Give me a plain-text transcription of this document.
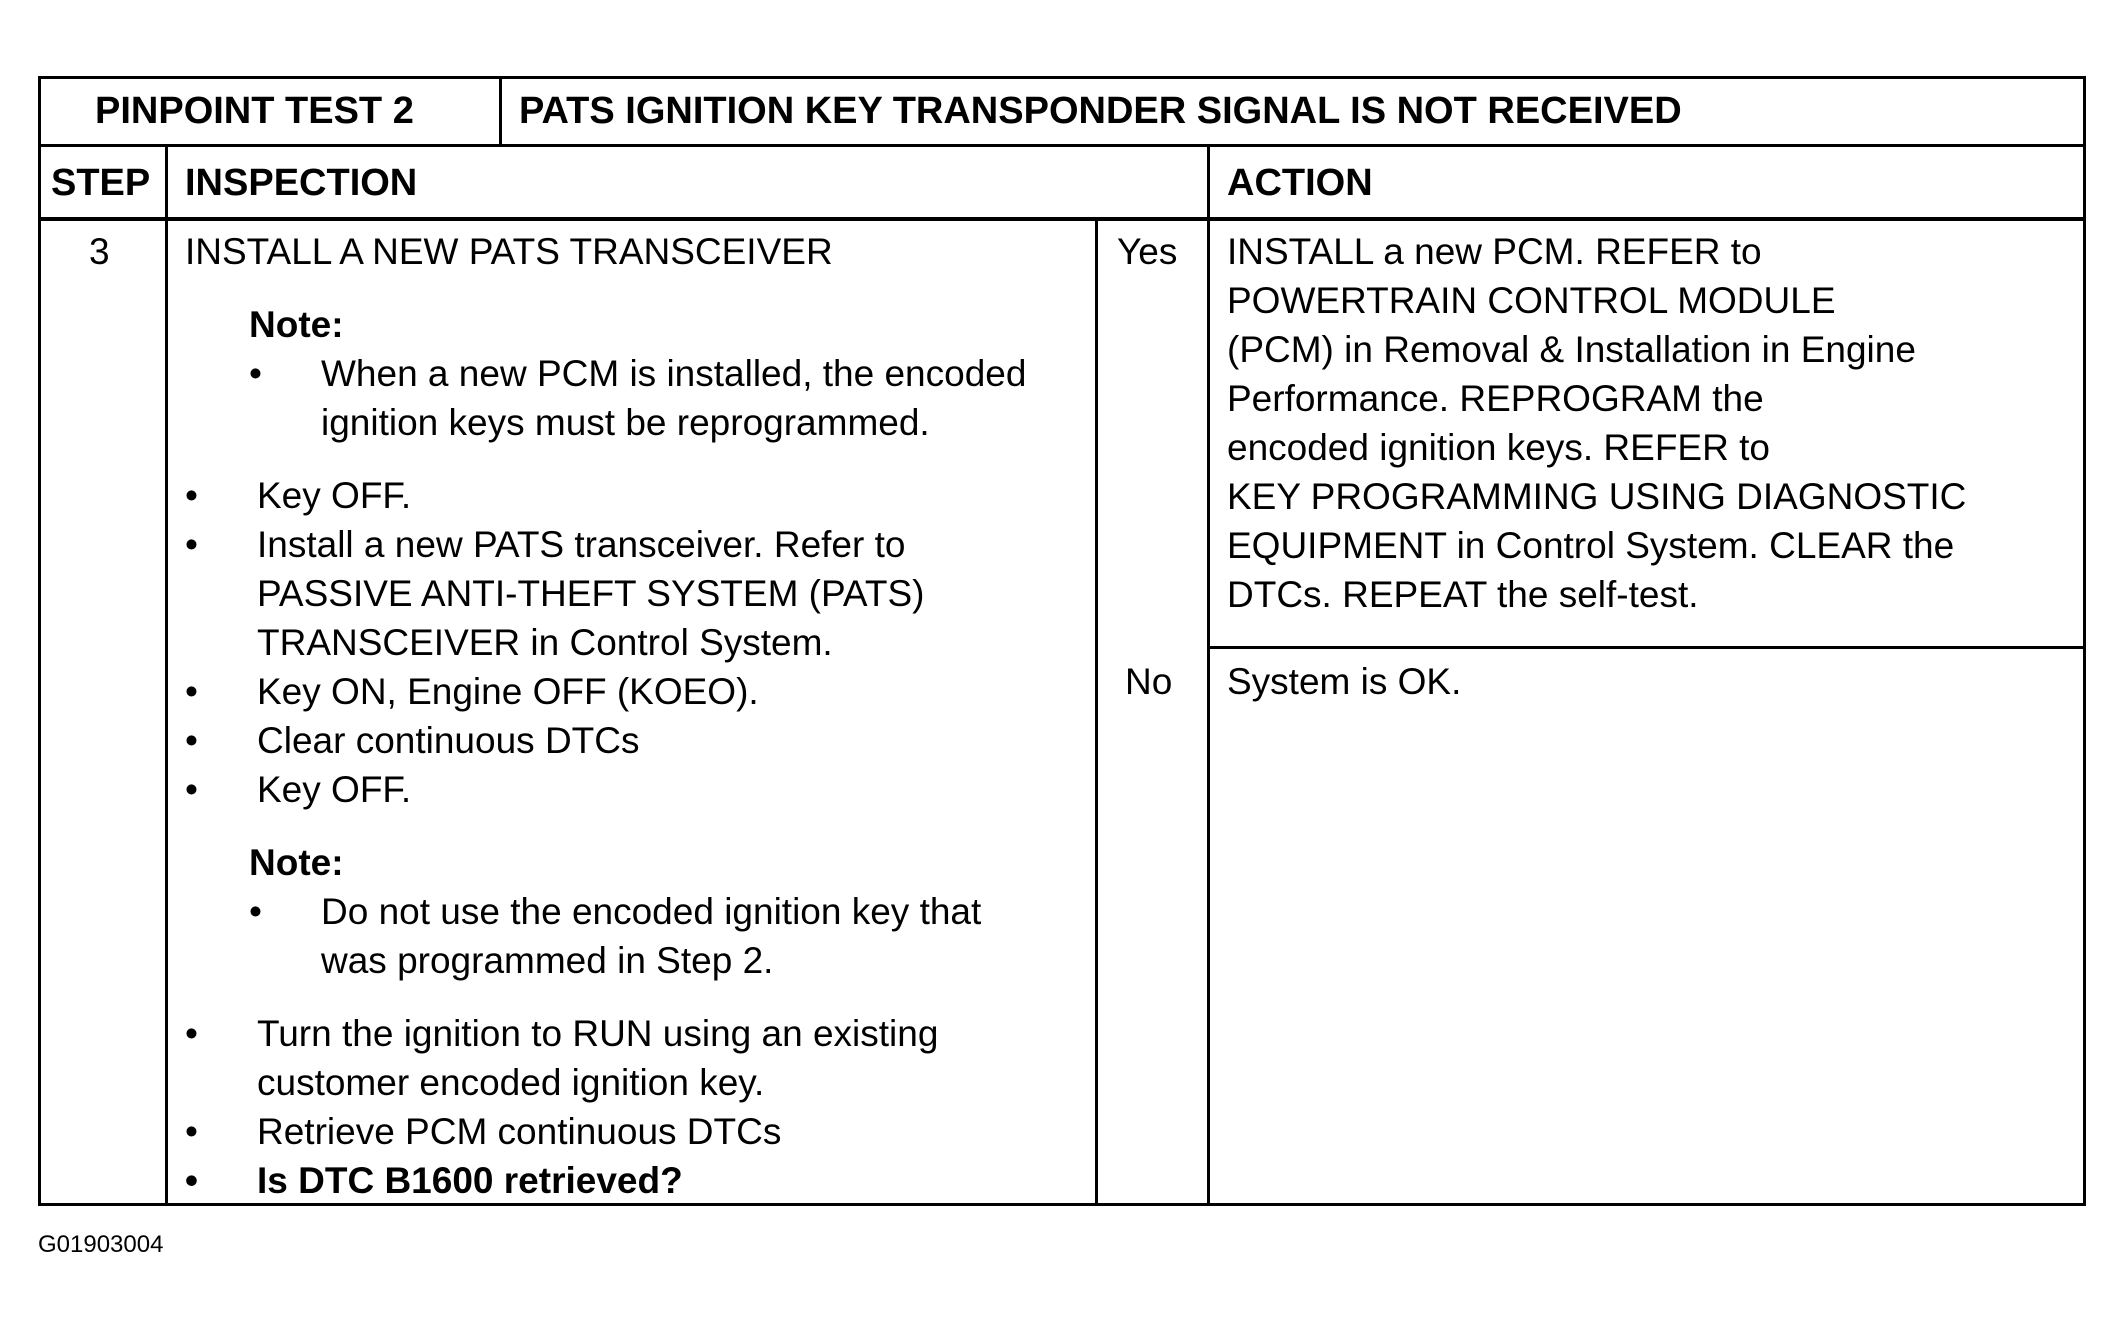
PINPOINT TEST 2	PATS IGNITION KEY TRANSPONDER SIGNAL IS NOT RECEIVED
STEP INSPECTION	ACTION
3 INSTALL A NEW PATS TRANSCEIVER
Note:
• When a new PCM is installed, the encoded
ignition keys must be reprogrammed.
• Key OFF.
• Install a new PATS transceiver. Refer to
PASSIVE ANTI-THEFT SYSTEM (PATS)
TRANSCEIVER in Control System.
• Key ON, Engine OFF (KOEO).
• Clear continuous DTCs
• Key OFF.
Note:
• Do not use the encoded ignition key that
was programmed in Step 2.
• Turn the ignition to RUN using an existing
customer encoded ignition key.
• Retrieve PCM continuous DTCs
• Is DTC B1600 retrieved?
Yes
No
INSTALL a new PCM. REFER to
POWERTRAIN CONTROL MODULE
(PCM) in Removal & Installation in Engine
Performance. REPROGRAM the
encoded ignition keys. REFER to
KEY PROGRAMMING USING DIAGNOSTIC
EQUIPMENT in Control System. CLEAR the
DTCs. REPEAT the self-test.
System is OK.
G01903004
